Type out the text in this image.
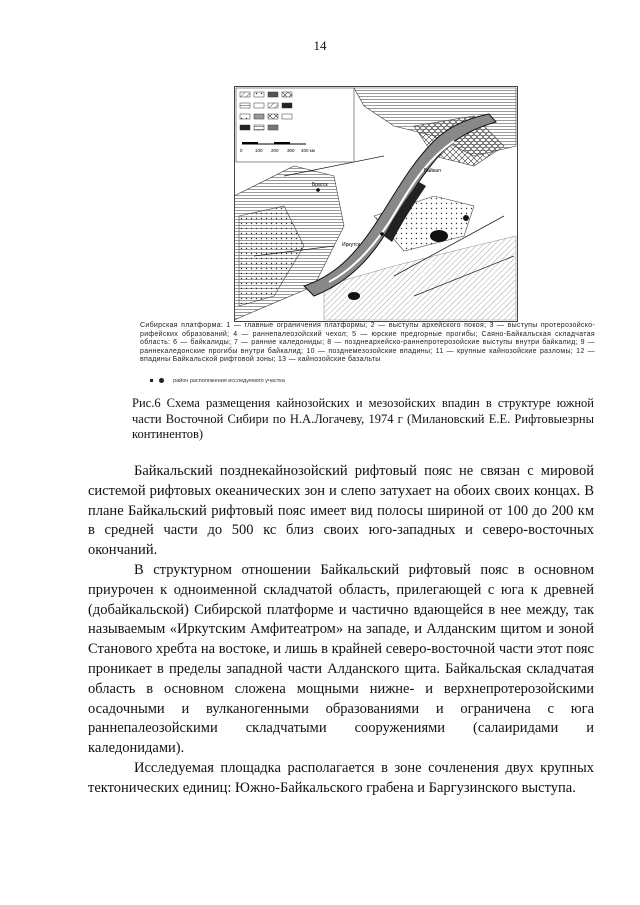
14
Братск
Иркутск
Байкал
0	100 200 300 400 км

Сибирская платформа: 1 — главные ограничения платформы; 2 — выступы архейского покоя; 3 — выступы протерозойско-рифейских образований; 4 — раннепалеозойский чехол; 5 — юрские предгорные прогибы; Саяно-Байкальская складчатая область: 6 — байкалиды; 7 — ранние каледониды; 8 — позднеархейско-раннепротерозойские выступы внутри байкалид; 9 — раннекаледонские прогибы внутри байкалид; 10 — позднемезозойские впадины; 11 — крупные кайнозойские разломы; 12 — впадины Байкальской рифтовой зоны; 13 — кайнозойские базальты

район расположения исследуемого участка
Рис.6 Схема размещения кайнозойских и мезозойских впадин в структуре южной части Восточной Сибири по Н.А.Логачеву, 1974 г (Милановский Е.Е. Рифтовыезрны континентов)

Байкальский позднекайнозойский рифтовый пояс не связан с мировой системой рифтовых океанических зон и слепо затухает на обоих своих концах. В плане Байкальский рифтовый пояс имеет вид полосы шириной от 100 до 200 км в средней части до 500 кс близ своих юго-западных и северо-восточных окончаний.

В структурном отношении Байкальский рифтовый пояс в основном приурочен к одноименной складчатой область, прилегающей с юга к древней (добайкальской) Сибирской платформе и частично вдающейся в нее между, так называемым «Иркутским Амфитеатром» на западе, и Алданским щитом и зоной Станового хребта на востоке, и лишь в крайней северо-восточной части этот пояс проникает в пределы западной части Алданского щита. Байкальская складчатая область в основном сложена мощными нижне- и верхнепротерозойскими осадочными и вулканогенными образованиями и ограничена с юга раннепалеозойскими складчатыми сооружениями (салаиридами и каледонидами).

Исследуемая площадка располагается в зоне сочленения двух крупных тектонических единиц: Южно-Байкальского грабена и Баргузинского выступа.
